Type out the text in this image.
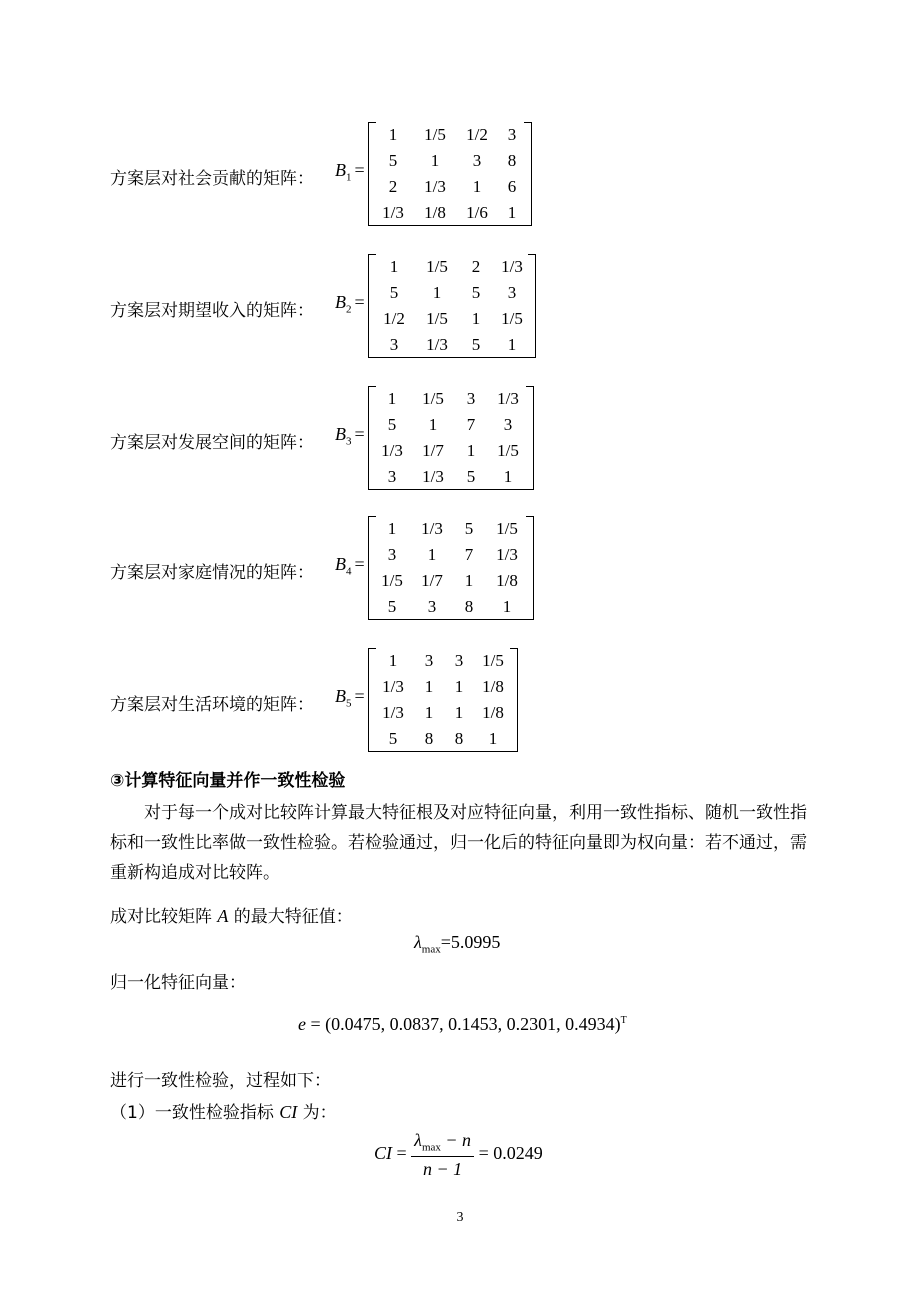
方案层对社会贡献的矩阵： $B_1$ =
1	1/5	1/2	3
5	1	3	8
2	1/3	1	6
1/3	1/8	1/6	1
方案层对期望收入的矩阵： $B_2$ =
1	1/5	2	1/3
5	1	5	3
1/2	1/5	1	1/5
3	1/3	5	1
方案层对发展空间的矩阵： $B_3$ =
1	1/5	3	1/3
5	1	7	3
1/3	1/7	1	1/5
3	1/3	5	1
方案层对家庭情况的矩阵： $B_4$ =
1	1/3	5	1/5
3	1	7	1/3
1/5	1/7	1	1/8
5	3	8	1
方案层对生活环境的矩阵： $B_5$ =
1	3	3	1/5
1/3	1	1	1/8
1/3	1	1	1/8
5	8	8	1
③计算特征向量并作一致性检验
对于每一个成对比较阵计算最大特征根及对应特征向量，利用一致性指标、随机一致性指标和一致性比率做一致性检验。若检验通过，归一化后的特征向量即为权向量：若不通过，需重新构追成对比较阵。
成对比较矩阵 A 的最大特征值：
$\lambda_{max}=5.0995$
归一化特征向量：
e = (0.0475, 0.0837, 0.1453, 0.2301, 0.4934)$^T$
进行一致性检验，过程如下：
（1）一致性检验指标 CI 为：
CI = $\frac{\lambda_{max} - n}{n - 1} = 0.0249$
3
